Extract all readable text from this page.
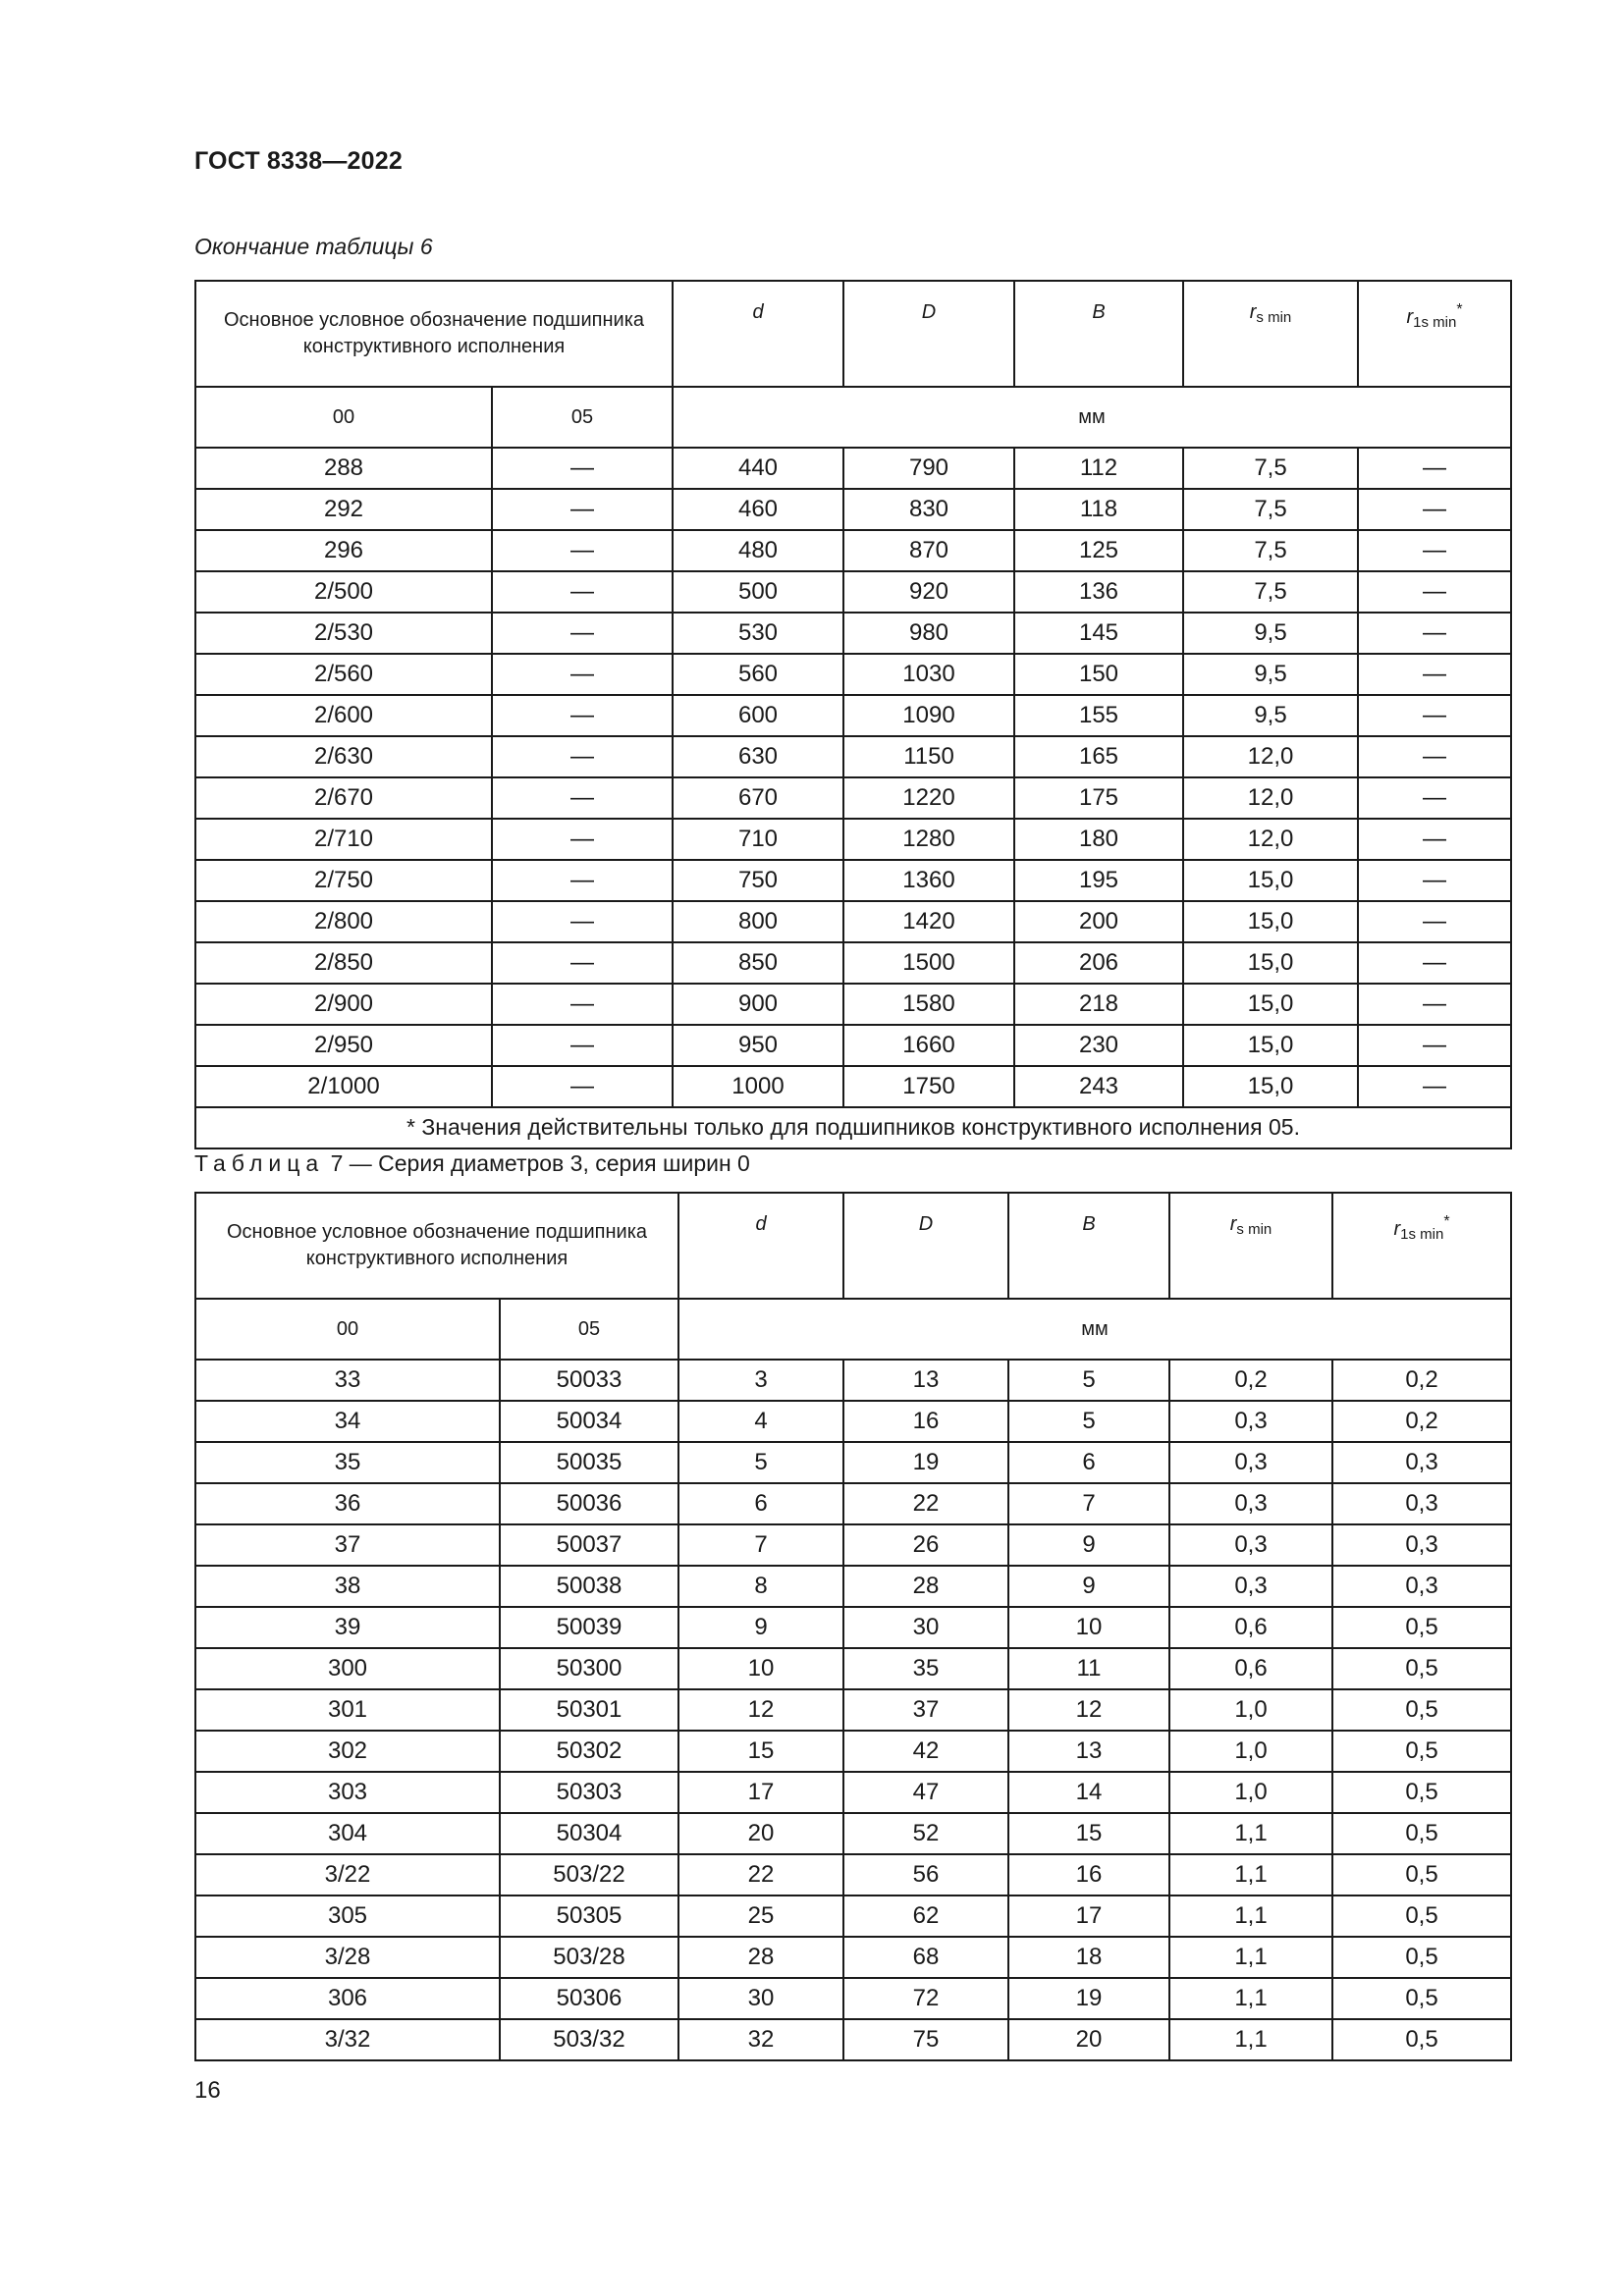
ГОСТ 8338—2022
Окончание таблицы 6
Основное условное обозначение подшипника конструктивного исполнения		d	D	B	$r_{s min}$	$r_{1s min}^*$
00	05	мм				
288	—	440	790	112	7,5	—
292	—	460	830	118	7,5	—
296	—	480	870	125	7,5	—
2/500	—	500	920	136	7,5	—
2/530	—	530	980	145	9,5	—
2/560	—	560	1030	150	9,5	—
2/600	—	600	1090	155	9,5	—
2/630	—	630	1150	165	12,0	—
2/670	—	670	1220	175	12,0	—
2/710	—	710	1280	180	12,0	—
2/750	—	750	1360	195	15,0	—
2/800	—	800	1420	200	15,0	—
2/850	—	850	1500	206	15,0	—
2/900	—	900	1580	218	15,0	—
2/950	—	950	1660	230	15,0	—
2/1000	—	1000	1750	243	15,0	—
* Значения действительны только для подшипников конструктивного исполнения 05.						
Таблица 7 — Серия диаметров 3, серия ширин 0
Основное условное обозначение подшипника конструктивного исполнения		d	D	B	$r_{s min}$	$r_{1s min}^*$
00	05	мм				
33	50033	3	13	5	0,2	0,2
34	50034	4	16	5	0,3	0,2
35	50035	5	19	6	0,3	0,3
36	50036	6	22	7	0,3	0,3
37	50037	7	26	9	0,3	0,3
38	50038	8	28	9	0,3	0,3
39	50039	9	30	10	0,6	0,5
300	50300	10	35	11	0,6	0,5
301	50301	12	37	12	1,0	0,5
302	50302	15	42	13	1,0	0,5
303	50303	17	47	14	1,0	0,5
304	50304	20	52	15	1,1	0,5
3/22	503/22	22	56	16	1,1	0,5
305	50305	25	62	17	1,1	0,5
3/28	503/28	28	68	18	1,1	0,5
306	50306	30	72	19	1,1	0,5
3/32	503/32	32	75	20	1,1	0,5
16
